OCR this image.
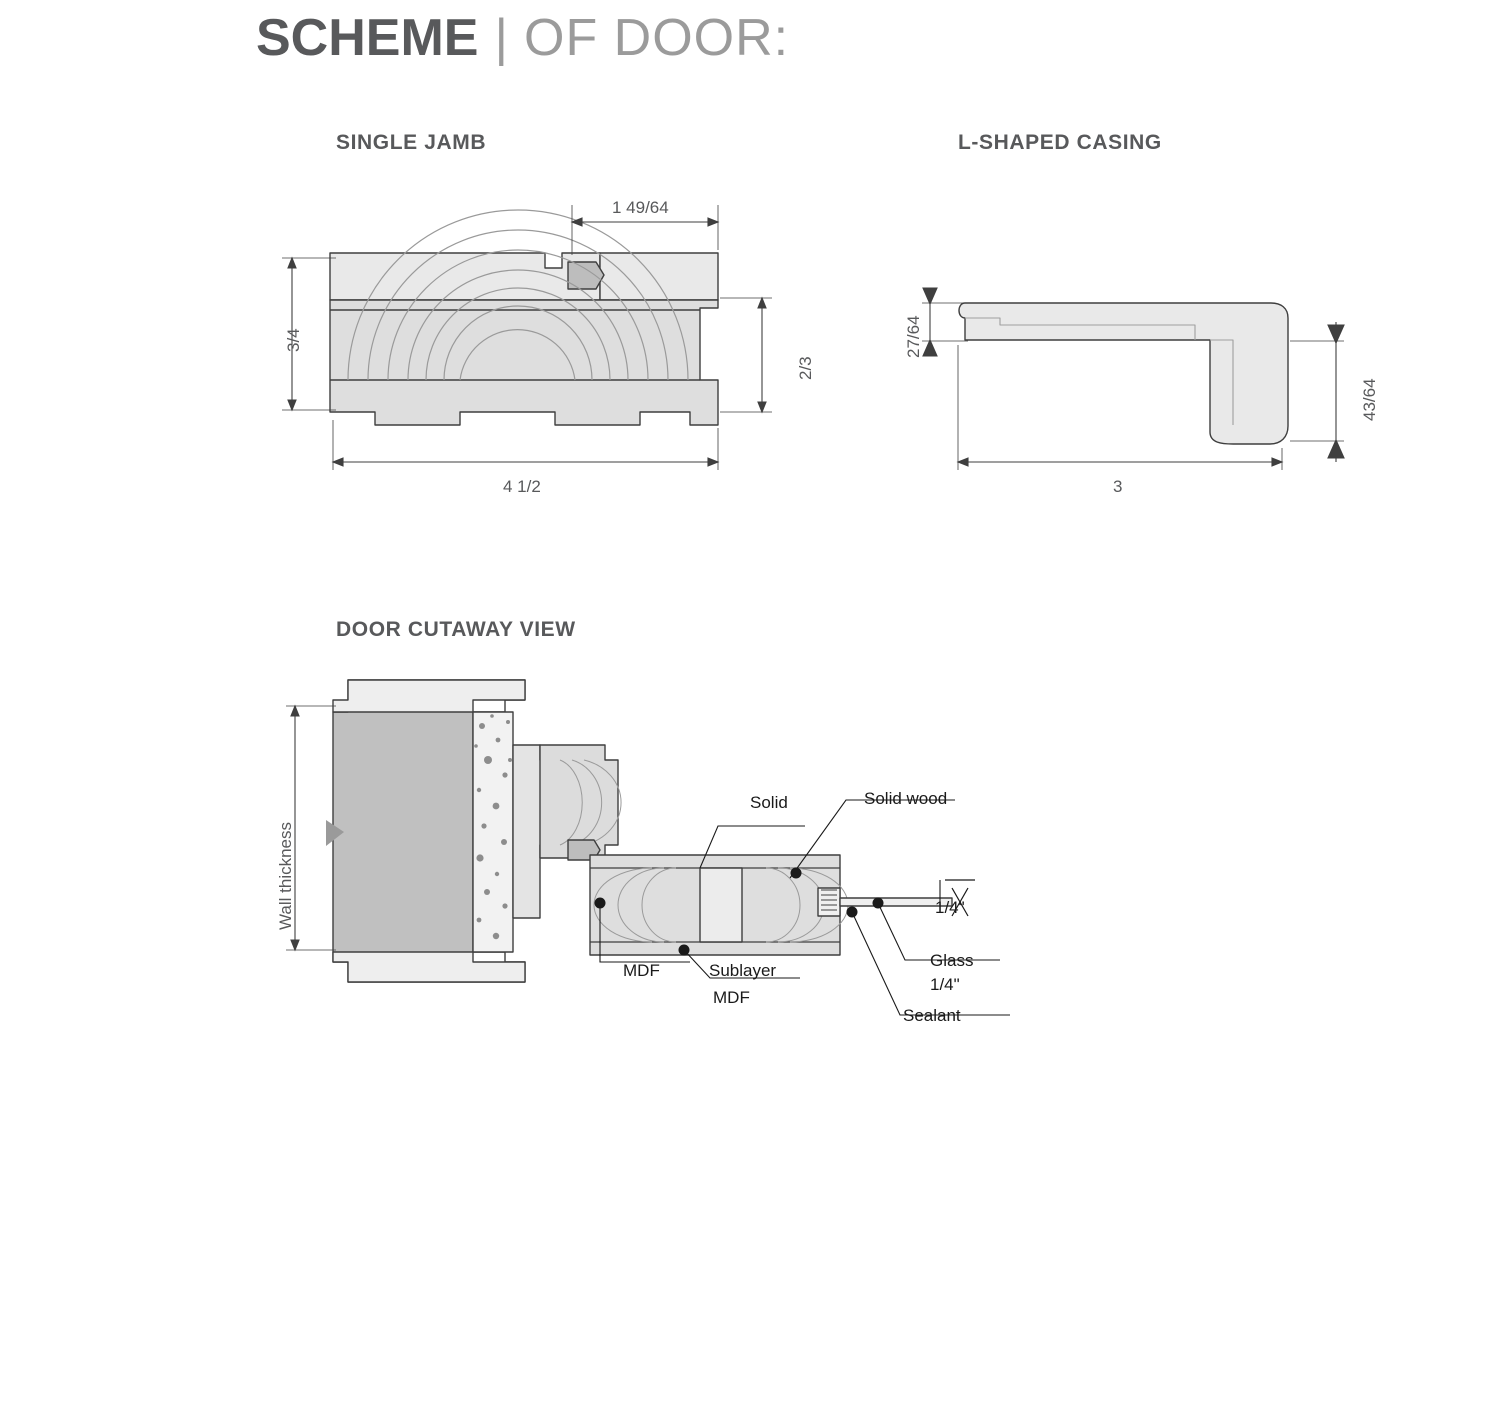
SCHEME | OF DOOR:
SINGLE JAMB	L-SHAPED CASING
DOOR CUTAWAY VIEW
1 49/64
3/4
2/3
4 1/2
27/64
43/64
3
Wall thickness	1/4"
Solid	Solid wood
MDF	Sublayer
MDF
Glass
1/4"
Sealant
